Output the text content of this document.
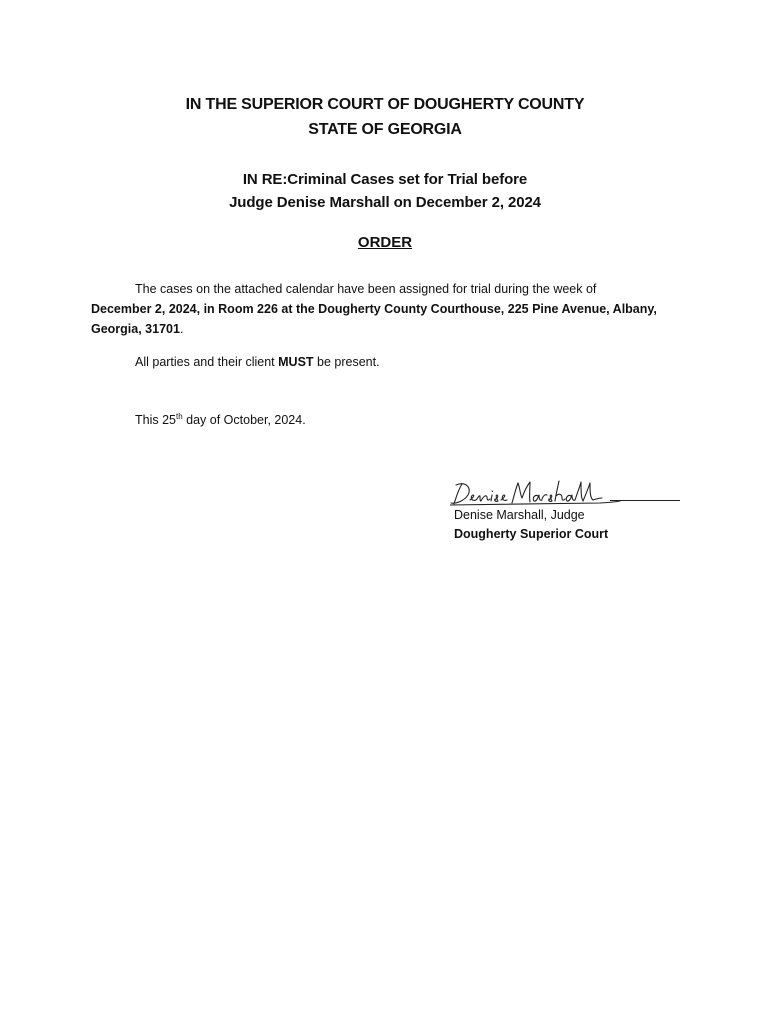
IN THE SUPERIOR COURT OF DOUGHERTY COUNTY
STATE OF GEORGIA
IN RE:Criminal Cases set for Trial before
Judge Denise Marshall on December 2, 2024
ORDER
The cases on the attached calendar have been assigned for trial during the week of
December 2, 2024, in Room 226 at the Dougherty County Courthouse, 225 Pine Avenue, Albany, Georgia, 31701.
All parties and their client MUST be present.
This 25th day of October, 2024.
Denise Marshall, Judge
Dougherty Superior Court
